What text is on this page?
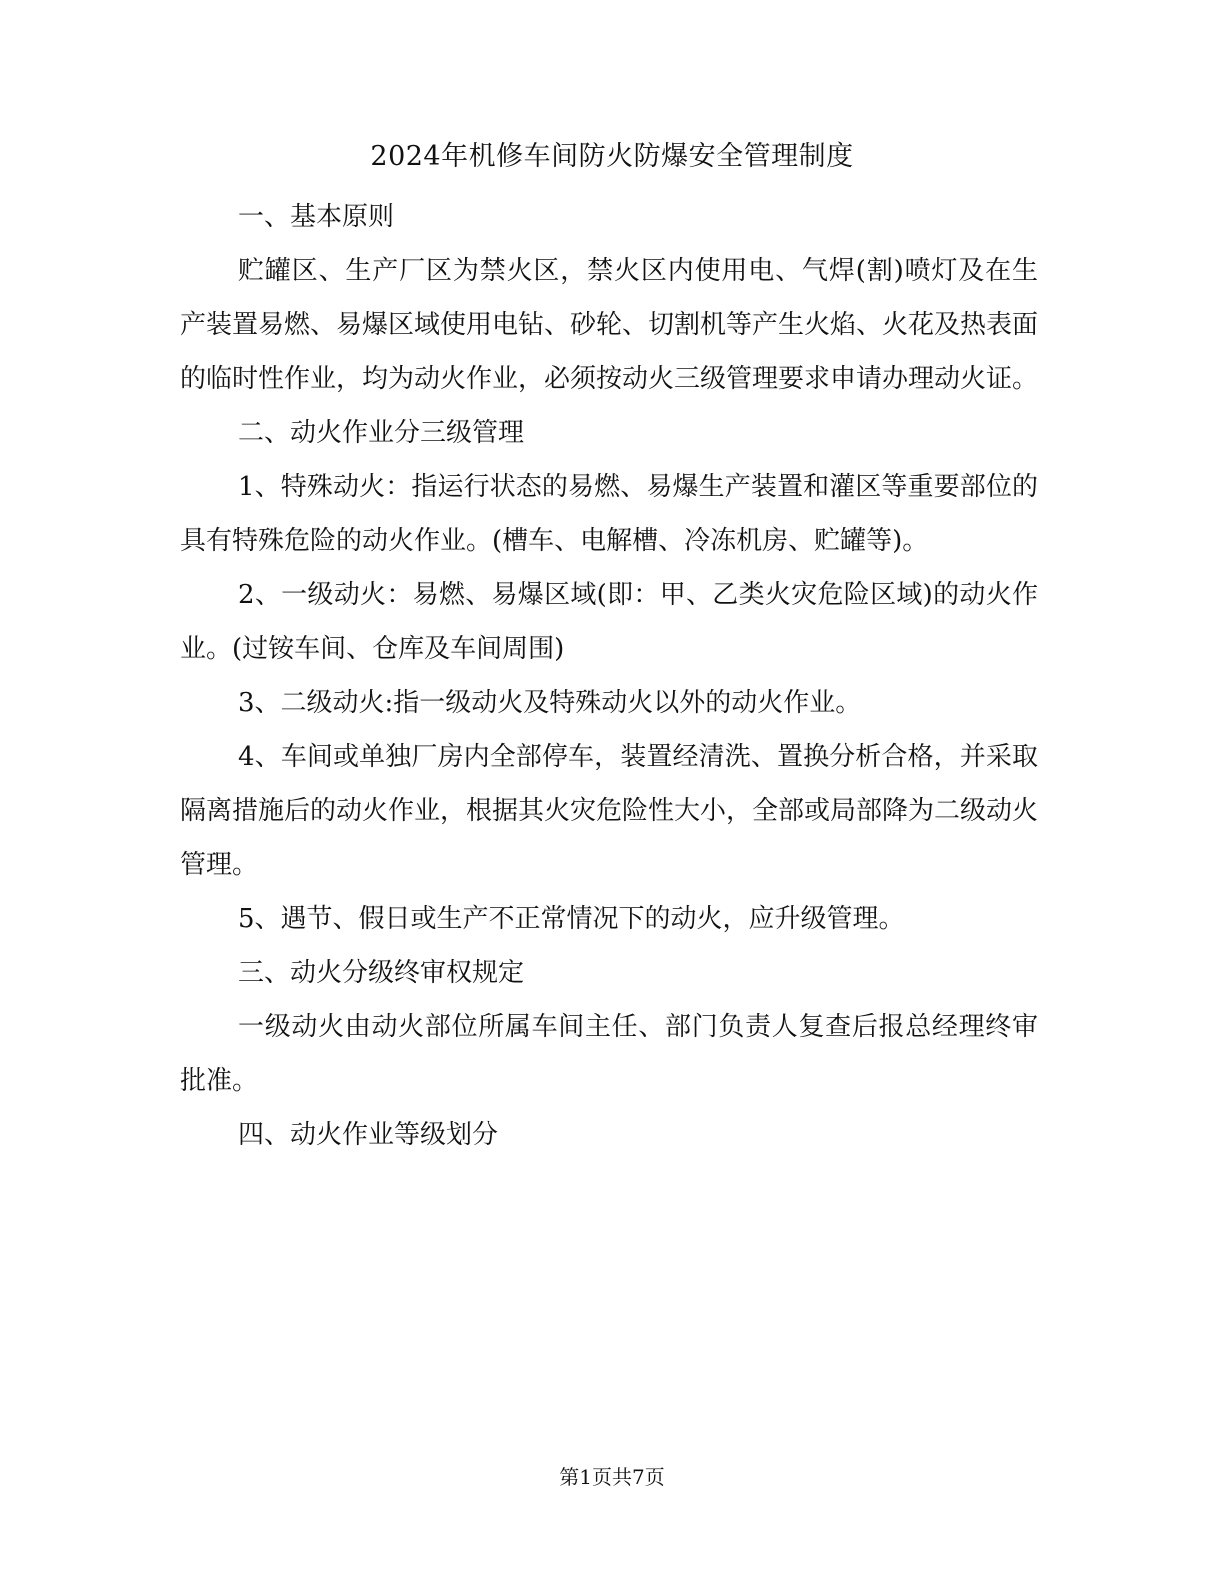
2024年机修车间防火防爆安全管理制度

一、基本原则

贮罐区、生产厂区为禁火区，禁火区内使用电、气焊(割)喷灯及在生产装置易燃、易爆区域使用电钻、砂轮、切割机等产生火焰、火花及热表面的临时性作业，均为动火作业，必须按动火三级管理要求申请办理动火证。

二、动火作业分三级管理

1、特殊动火：指运行状态的易燃、易爆生产装置和灌区等重要部位的具有特殊危险的动火作业。(槽车、电解槽、冷冻机房、贮罐等)。

2、一级动火：易燃、易爆区域(即：甲、乙类火灾危险区域)的动火作业。(过铵车间、仓库及车间周围)

3、二级动火:指一级动火及特殊动火以外的动火作业。

4、车间或单独厂房内全部停车，装置经清洗、置换分析合格，并采取隔离措施后的动火作业，根据其火灾危险性大小，全部或局部降为二级动火管理。

5、遇节、假日或生产不正常情况下的动火，应升级管理。

三、动火分级终审权规定

一级动火由动火部位所属车间主任、部门负责人复查后报总经理终审批准。

四、动火作业等级划分

第1页共7页
